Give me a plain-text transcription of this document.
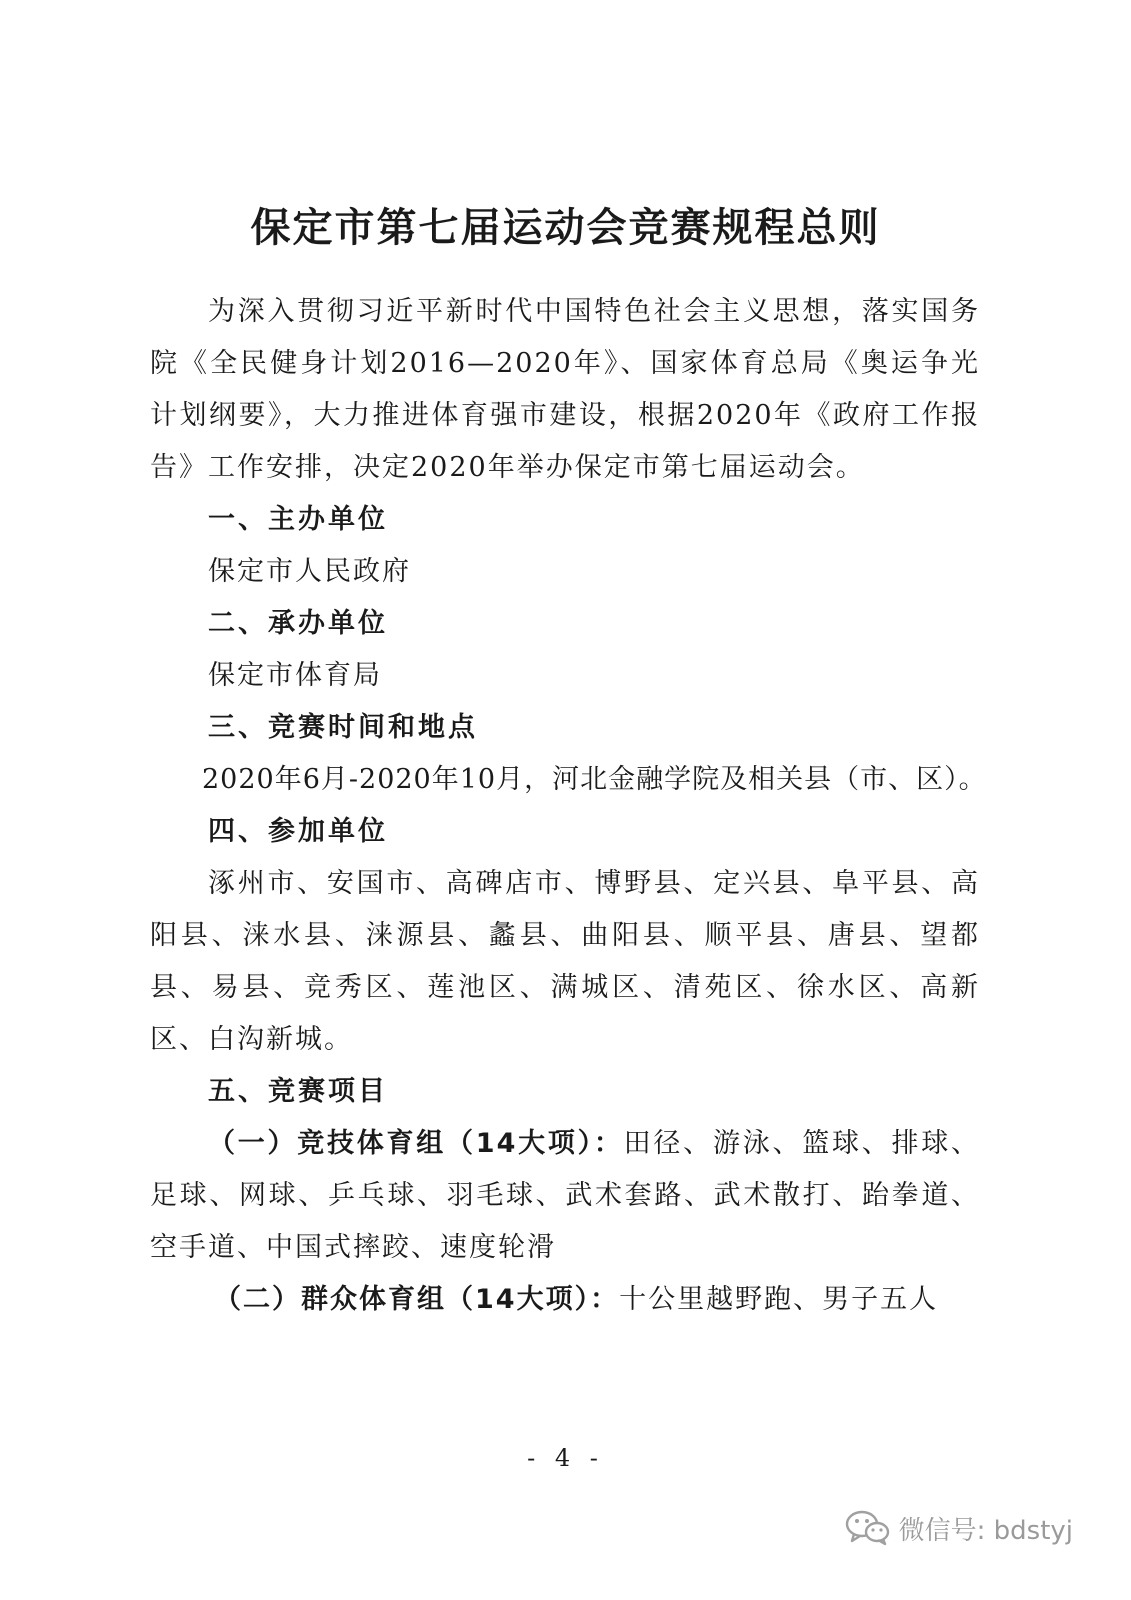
保定市第七届运动会竞赛规程总则
为深入贯彻习近平新时代中国特色社会主义思想，落实国务院《全民健身计划2016—2020年》、国家体育总局《奥运争光计划纲要》，大力推进体育强市建设，根据2020年《政府工作报告》工作安排，决定2020年举办保定市第七届运动会。
一、主办单位
保定市人民政府
二、承办单位
保定市体育局
三、竞赛时间和地点
2020年6月-2020年10月，河北金融学院及相关县（市、区）。
四、参加单位
涿州市、安国市、高碑店市、博野县、定兴县、阜平县、高阳县、涞水县、涞源县、蠡县、曲阳县、顺平县、唐县、望都县、易县、竞秀区、莲池区、满城区、清苑区、徐水区、高新区、白沟新城。
五、竞赛项目
（一）竞技体育组（14大项）：田径、游泳、篮球、排球、足球、网球、乒乓球、羽毛球、武术套路、武术散打、跆拳道、空手道、中国式摔跤、速度轮滑
（二）群众体育组（14大项）：十公里越野跑、男子五人
- 4 -
微信号: bdstyj
